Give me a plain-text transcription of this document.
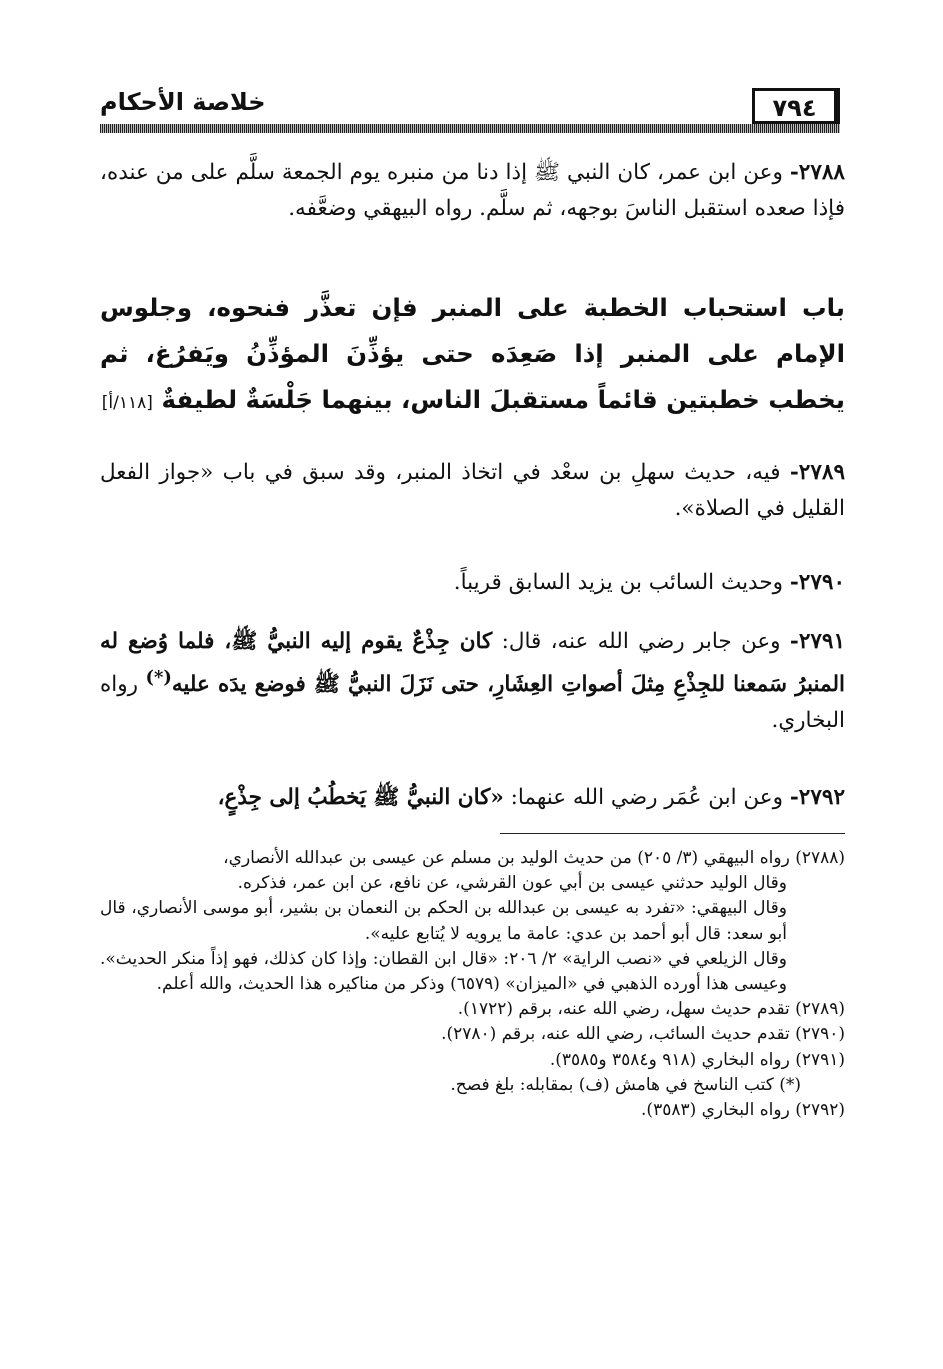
خلاصة الأحكام	٧٩٤

٢٧٨٨- وعن ابن عمر، كان النبي ﷺ إذا دنا من منبره يوم الجمعة سلَّم على من عنده، فإذا صعده استقبل الناسَ بوجهه، ثم سلَّم. رواه البيهقي وضعَّفه.

باب استحباب الخطبة على المنبر فإن تعذَّر فنحوه، وجلوس الإمام على المنبر إذا صَعِدَه حتى يؤذِّنَ المؤذِّنُ ويَفرُغ، ثم يخطب خطبتين قائماً مستقبلَ الناس، بينهما جَلْسَةٌ لطيفةٌ [١١٨/أ]

٢٧٨٩- فيه، حديث سهلِ بن سعْد في اتخاذ المنبر، وقد سبق في باب «جواز الفعل القليل في الصلاة».

٢٧٩٠- وحديث السائب بن يزيد السابق قريباً.

٢٧٩١- وعن جابر رضي الله عنه، قال: كان جِذْعٌ يقوم إليه النبيُّ ﷺ، فلما وُضع له المنبرُ سَمعنا للجِذْعِ مِثلَ أصواتِ العِشَارِ، حتى نَزَلَ النبيُّ ﷺ فوضع يدَه عليه(*) رواه البخاري.

٢٧٩٢- وعن ابن عُمَر رضي الله عنهما: «كان النبيُّ ﷺ يَخطُبُ إلى جِذْعٍ،

(٢٧٨٨) رواه البيهقي (٣/ ٢٠٥) من حديث الوليد بن مسلم عن عيسى بن عبدالله الأنصاري،
وقال الوليد حدثني عيسى بن أبي عون القرشي، عن نافع، عن ابن عمر، فذكره.
وقال البيهقي: «تفرد به عيسى بن عبدالله بن الحكم بن النعمان بن بشير، أبو موسى الأنصاري، قال أبو سعد: قال أبو أحمد بن عدي: عامة ما يرويه لا يُتابع عليه».
وقال الزيلعي في «نصب الراية» ٢/ ٢٠٦: «قال ابن القطان: وإذا كان كذلك، فهو إذاً منكر الحديث». وعيسى هذا أورده الذهبي في «الميزان» (٦٥٧٩) وذكر من مناكيره هذا الحديث، والله أعلم.
(٢٧٨٩) تقدم حديث سهل، رضي الله عنه، برقم (١٧٢٢).
(٢٧٩٠) تقدم حديث السائب، رضي الله عنه، برقم (٢٧٨٠).
(٢٧٩١) رواه البخاري (٩١٨ و٣٥٨٤ و٣٥٨٥).
(*) كتب الناسخ في هامش (ف) بمقابله: بلغ فصح.
(٢٧٩٢) رواه البخاري (٣٥٨٣).
